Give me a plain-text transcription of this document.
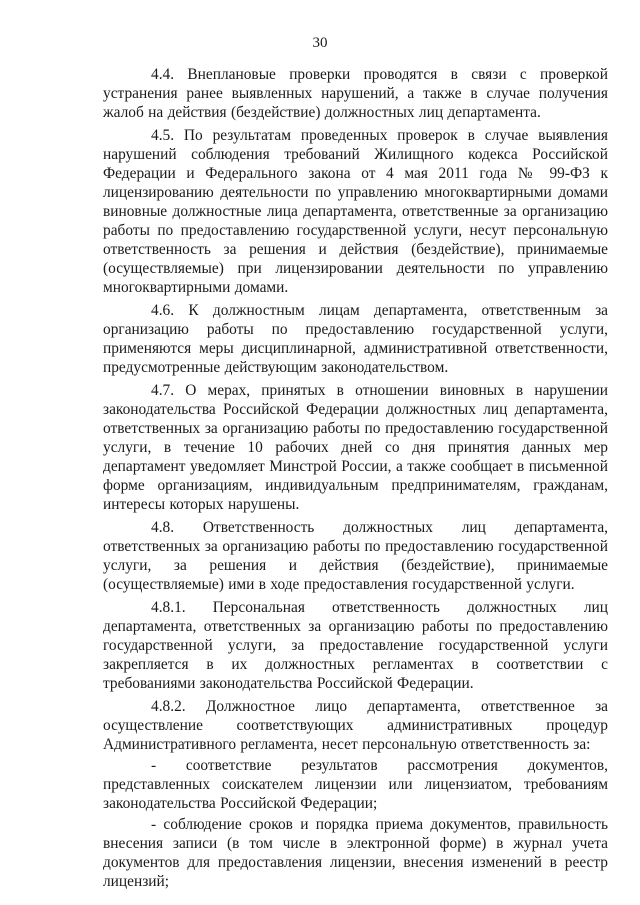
30

4.4. Внеплановые проверки проводятся в связи с проверкой устранения ранее выявленных нарушений, а также в случае получения жалоб на действия (бездействие) должностных лиц департамента.

4.5. По результатам проведенных проверок в случае выявления нарушений соблюдения требований Жилищного кодекса Российской Федерации и Федерального закона от 4 мая 2011 года № 99-ФЗ к лицензированию деятельности по управлению многоквартирными домами виновные должностные лица департамента, ответственные за организацию работы по предоставлению государственной услуги, несут персональную ответственность за решения и действия (бездействие), принимаемые (осуществляемые) при лицензировании деятельности по управлению многоквартирными домами.

4.6. К должностным лицам департамента, ответственным за организацию работы по предоставлению государственной услуги, применяются меры дисциплинарной, административной ответственности, предусмотренные действующим законодательством.

4.7. О мерах, принятых в отношении виновных в нарушении законодательства Российской Федерации должностных лиц департамента, ответственных за организацию работы по предоставлению государственной услуги, в течение 10 рабочих дней со дня принятия данных мер департамент уведомляет Минстрой России, а также сообщает в письменной форме организациям, индивидуальным предпринимателям, гражданам, интересы которых нарушены.

4.8. Ответственность должностных лиц департамента, ответственных за организацию работы по предоставлению государственной услуги, за решения и действия (бездействие), принимаемые (осуществляемые) ими в ходе предоставления государственной услуги.

4.8.1. Персональная ответственность должностных лиц департамента, ответственных за организацию работы по предоставлению государственной услуги, за предоставление государственной услуги закрепляется в их должностных регламентах в соответствии с требованиями законодательства Российской Федерации.

4.8.2. Должностное лицо департамента, ответственное за осуществление соответствующих административных процедур Административного регламента, несет персональную ответственность за:

- соответствие результатов рассмотрения документов, представленных соискателем лицензии или лицензиатом, требованиям законодательства Российской Федерации;

- соблюдение сроков и порядка приема документов, правильность внесения записи (в том числе в электронной форме) в журнал учета документов для предоставления лицензии, внесения изменений в реестр лицензий;
